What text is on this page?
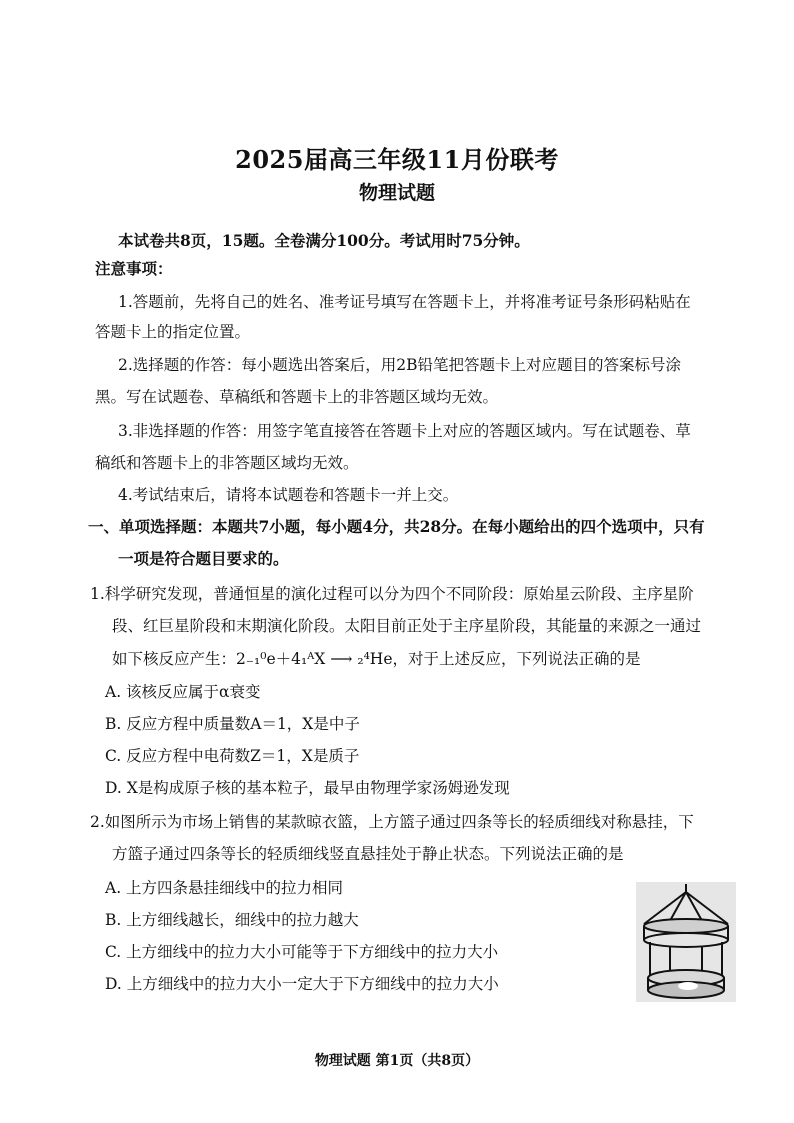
2025届高三年级11月份联考
物理试题
本试卷共8页，15题。全卷满分100分。考试用时75分钟。
注意事项：
1.答题前，先将自己的姓名、准考证号填写在答题卡上，并将准考证号条形码粘贴在
答题卡上的指定位置。
2.选择题的作答：每小题选出答案后，用2B铅笔把答题卡上对应题目的答案标号涂
黑。写在试题卷、草稿纸和答题卡上的非答题区域均无效。
3.非选择题的作答：用签字笔直接答在答题卡上对应的答题区域内。写在试题卷、草
稿纸和答题卡上的非答题区域均无效。
4.考试结束后，请将本试题卷和答题卡一并上交。
一、单项选择题：本题共7小题，每小题4分，共28分。在每小题给出的四个选项中，只有
一项是符合题目要求的。
1.科学研究发现，普通恒星的演化过程可以分为四个不同阶段：原始星云阶段、主序星阶
段、红巨星阶段和末期演化阶段。太阳目前正处于主序星阶段，其能量的来源之一通过
如下核反应产生：2₋₁⁰e＋4₁ᴬX ⟶ ₂⁴He，对于上述反应，下列说法正确的是
A. 该核反应属于α衰变
B. 反应方程中质量数A＝1，X是中子
C. 反应方程中电荷数Z＝1，X是质子
D. X是构成原子核的基本粒子，最早由物理学家汤姆逊发现
2.如图所示为市场上销售的某款晾衣篮，上方篮子通过四条等长的轻质细线对称悬挂，下
方篮子通过四条等长的轻质细线竖直悬挂处于静止状态。下列说法正确的是
A. 上方四条悬挂细线中的拉力相同
B. 上方细线越长，细线中的拉力越大
C. 上方细线中的拉力大小可能等于下方细线中的拉力大小
D. 上方细线中的拉力大小一定大于下方细线中的拉力大小
物理试题 第1页（共8页）
